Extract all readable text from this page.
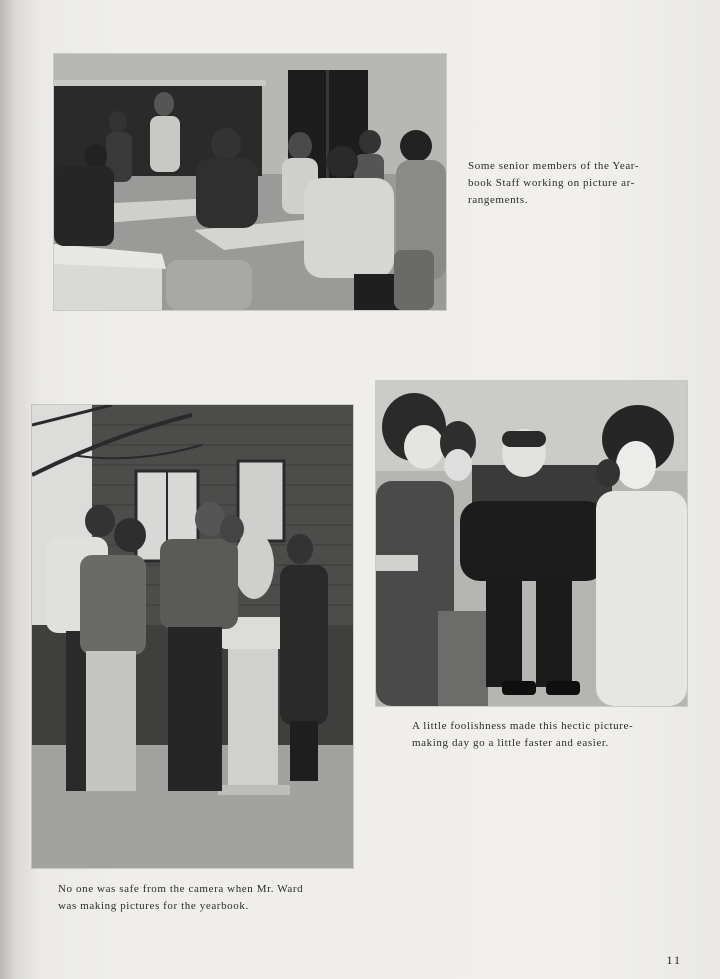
Some senior members of the Year-
book Staff working on picture ar-
rangements.

A little foolishness made this hectic picture-
making day go a little faster and easier.

No one was safe from the camera when Mr. Ward
was making pictures for the yearbook.

11
